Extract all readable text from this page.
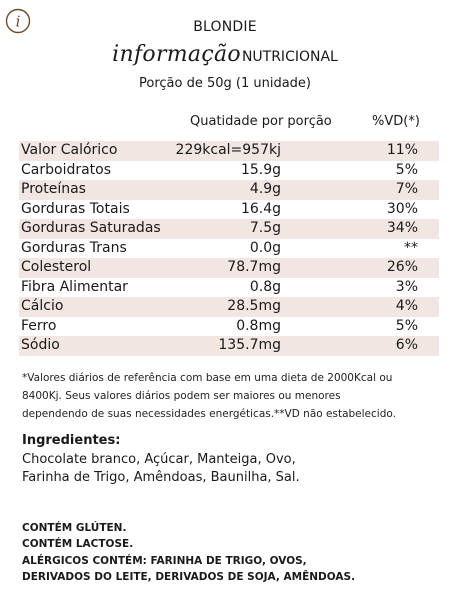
i	BLONDIE
informaçãoNUTRICIONAL
Porção de 50g (1 unidade)
Quatidade por porção	%VD(*)
Valor Calórico	229kcal=957kj	11%
Carboidratos	15.9g	5%
Proteínas	4.9g	7%
Gorduras Totais	16.4g	30%
Gorduras Saturadas	7.5g	34%
Gorduras Trans	0.0g	**
Colesterol	78.7mg	26%
Fibra Alimentar	0.8g	3%
Cálcio	28.5mg	4%
Ferro	0.8mg	5%
Sódio	135.7mg	6%
*Valores diários de referência com base em uma dieta de 2000Kcal ou
8400Kj. Seus valores diários podem ser maiores ou menores
dependendo de suas necessidades energéticas.**VD não estabelecido.
Ingredientes:
Chocolate branco, Açúcar, Manteiga, Ovo,
Farinha de Trigo, Amêndoas, Baunilha, Sal.
CONTÉM GLÚTEN.
CONTÉM LACTOSE.
ALÉRGICOS CONTÉM: FARINHA DE TRIGO, OVOS,
DERIVADOS DO LEITE, DERIVADOS DE SOJA, AMÊNDOAS.
